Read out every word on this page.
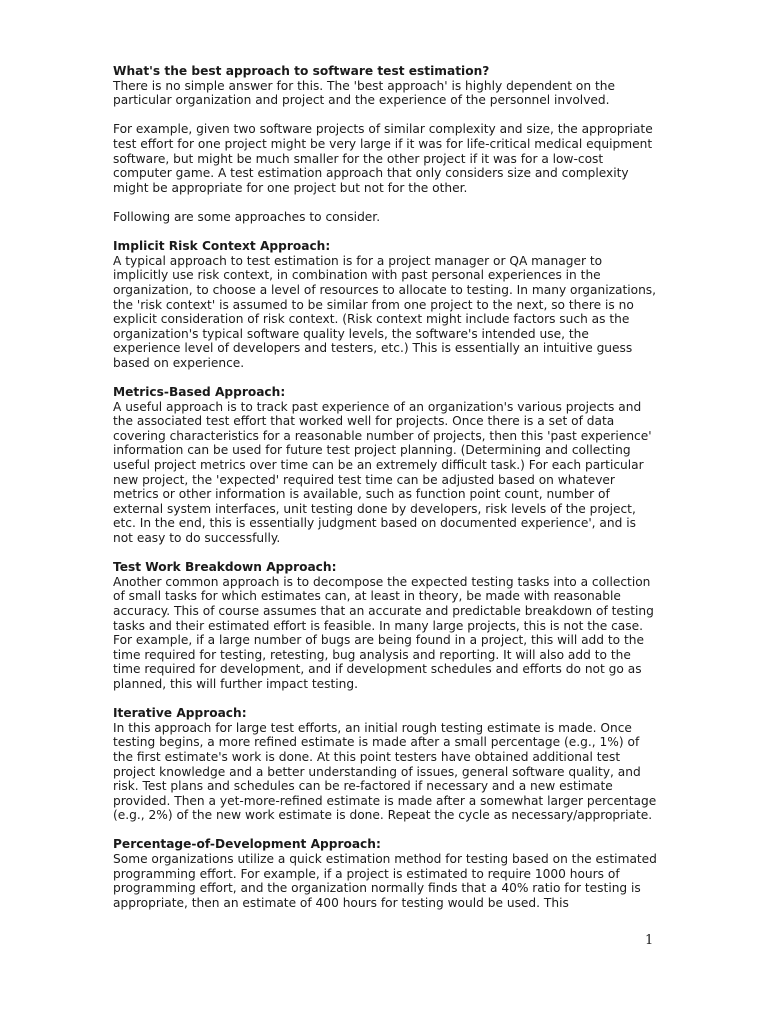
What's the best approach to software test estimation?

There is no simple answer for this. The 'best approach' is highly dependent on the particular organization and project and the experience of the personnel involved.

For example, given two software projects of similar complexity and size, the appropriate test effort for one project might be very large if it was for life-critical medical equipment software, but might be much smaller for the other project if it was for a low-cost computer game. A test estimation approach that only considers size and complexity might be appropriate for one project but not for the other.

Following are some approaches to consider.

Implicit Risk Context Approach:

A typical approach to test estimation is for a project manager or QA manager to implicitly use risk context, in combination with past personal experiences in the organization, to choose a level of resources to allocate to testing. In many organizations, the 'risk context' is assumed to be similar from one project to the next, so there is no explicit consideration of risk context. (Risk context might include factors such as the organization's typical software quality levels, the software's intended use, the experience level of developers and testers, etc.) This is essentially an intuitive guess based on experience.

Metrics-Based Approach:

A useful approach is to track past experience of an organization's various projects and the associated test effort that worked well for projects. Once there is a set of data covering characteristics for a reasonable number of projects, then this 'past experience' information can be used for future test project planning. (Determining and collecting useful project metrics over time can be an extremely difficult task.) For each particular new project, the 'expected' required test time can be adjusted based on whatever metrics or other information is available, such as function point count, number of external system interfaces, unit testing done by developers, risk levels of the project, etc. In the end, this is essentially judgment based on documented experience', and is not easy to do successfully.

Test Work Breakdown Approach:

Another common approach is to decompose the expected testing tasks into a collection of small tasks for which estimates can, at least in theory, be made with reasonable accuracy. This of course assumes that an accurate and predictable breakdown of testing tasks and their estimated effort is feasible. In many large projects, this is not the case. For example, if a large number of bugs are being found in a project, this will add to the time required for testing, retesting, bug analysis and reporting. It will also add to the time required for development, and if development schedules and efforts do not go as planned, this will further impact testing.

Iterative Approach:

In this approach for large test efforts, an initial rough testing estimate is made. Once testing begins, a more refined estimate is made after a small percentage (e.g., 1%) of the first estimate's work is done. At this point testers have obtained additional test project knowledge and a better understanding of issues, general software quality, and risk. Test plans and schedules can be re-factored if necessary and a new estimate provided. Then a yet-more-refined estimate is made after a somewhat larger percentage (e.g., 2%) of the new work estimate is done. Repeat the cycle as necessary/appropriate.

Percentage-of-Development Approach:

Some organizations utilize a quick estimation method for testing based on the estimated programming effort. For example, if a project is estimated to require 1000 hours of programming effort, and the organization normally finds that a 40% ratio for testing is appropriate, then an estimate of 400 hours for testing would be used. This

1
